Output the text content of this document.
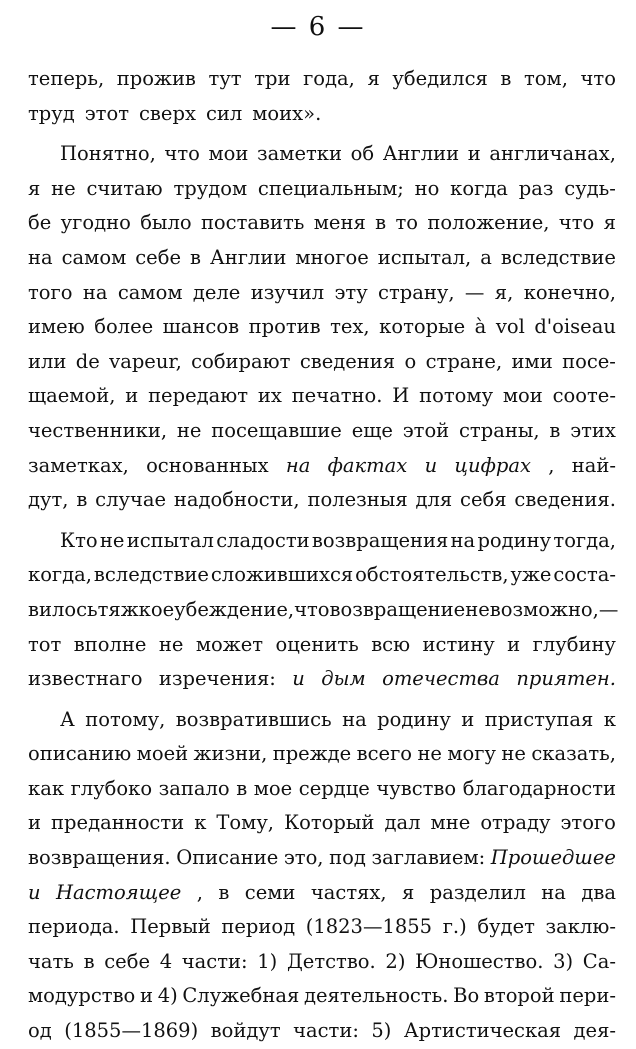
— 6 —
теперь, прожив тут три года, я убедился в том, что
труд этот сверх сил моих».
Понятно, что мои заметки об Англии и англичанах,
я не считаю трудом специальным; но когда раз судь-
бе угодно было поставить меня в то положение, что я
на самом себе в Англии многое испытал, а вследствие
того на самом деле изучил эту страну, — я, конечно,
имею более шансов против тех, которые à vol d'oiseau
или de vapeur, собирают сведения о стране, ими посе-
щаемой, и передают их печатно. И потому мои соотe-
чественники, не посещавшие еще этой страны, в этих
заметках, основанных на фактах и цифрах , най-
дут, в случае надобности, полезныя для себя сведения.
Кто не испытал сладости возвращения на родину тогда,
когда, вследствие сложившихся обстоятельств, уже соста-
вилось тяжкое убеждение, что возвращение невозможно,—
тот вполне не может оценить всю истину и глубину
известнаго изречения: и дым отечества приятен.
А потому, возвратившись на родину и приступая к
описанию моей жизни, прежде всего не могу не сказать,
как глубоко запало в мое сердце чувство благодарности
и преданности к Тому, Который дал мне отраду этого
возвращения. Описание это, под заглавием: Прошедшее
и Настоящее , в семи частях, я разделил на два
периода. Первый период (1823—1855 г.) будет заклю-
чать в себе 4 части: 1) Детство. 2) Юношество. 3) Са-
модурство и 4) Служебная деятельность. Во второй пери-
од (1855—1869) войдут части: 5) Артистическая дея-
